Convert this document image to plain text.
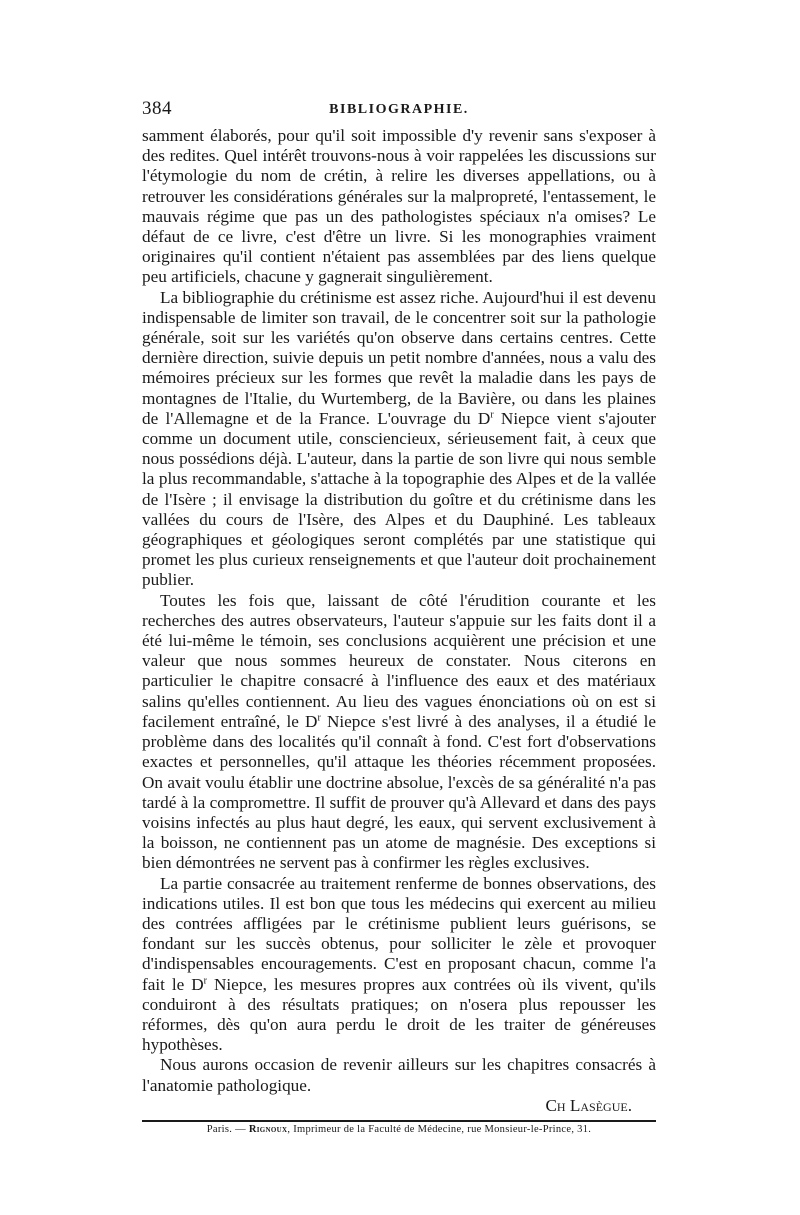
384	BIBLIOGRAPHIE.

samment élaborés, pour qu'il soit impossible d'y revenir sans s'exposer à des redites. Quel intérêt trouvons-nous à voir rappelées les discussions sur l'étymologie du nom de crétin, à relire les diverses appellations, ou à retrouver les considérations générales sur la malpropreté, l'entassement, le mauvais régime que pas un des pathologistes spéciaux n'a omises? Le défaut de ce livre, c'est d'être un livre. Si les monographies vraiment originaires qu'il contient n'étaient pas assemblées par des liens quelque peu artificiels, chacune y gagnerait singulièrement.

La bibliographie du crétinisme est assez riche. Aujourd'hui il est devenu indispensable de limiter son travail, de le concentrer soit sur la pathologie générale, soit sur les variétés qu'on observe dans certains centres. Cette dernière direction, suivie depuis un petit nombre d'années, nous a valu des mémoires précieux sur les formes que revêt la maladie dans les pays de montagnes de l'Italie, du Wurtemberg, de la Bavière, ou dans les plaines de l'Allemagne et de la France. L'ouvrage du $D^r$ Niepce vient s'ajouter comme un document utile, consciencieux, sérieusement fait, à ceux que nous possédions déjà. L'auteur, dans la partie de son livre qui nous semble la plus recommandable, s'attache à la topographie des Alpes et de la vallée de l'Isère ; il envisage la distribution du goître et du crétinisme dans les vallées du cours de l'Isère, des Alpes et du Dauphiné. Les tableaux géographiques et géologiques seront complétés par une statistique qui promet les plus curieux renseignements et que l'auteur doit prochainement publier.

Toutes les fois que, laissant de côté l'érudition courante et les recherches des autres observateurs, l'auteur s'appuie sur les faits dont il a été lui-même le témoin, ses conclusions acquièrent une précision et une valeur que nous sommes heureux de constater. Nous citerons en particulier le chapitre consacré à l'influence des eaux et des matériaux salins qu'elles contiennent. Au lieu des vagues énonciations où on est si facilement entraîné, le $D^r$ Niepce s'est livré à des analyses, il a étudié le problème dans des localités qu'il connaît à fond. C'est fort d'observations exactes et personnelles, qu'il attaque les théories récemment proposées. On avait voulu établir une doctrine absolue, l'excès de sa généralité n'a pas tardé à la compromettre. Il suffit de prouver qu'à Allevard et dans des pays voisins infectés au plus haut degré, les eaux, qui servent exclusivement à la boisson, ne contiennent pas un atome de magnésie. Des exceptions si bien démontrées ne servent pas à confirmer les règles exclusives.

La partie consacrée au traitement renferme de bonnes observations, des indications utiles. Il est bon que tous les médecins qui exercent au milieu des contrées affligées par le crétinisme publient leurs guérisons, se fondant sur les succès obtenus, pour solliciter le zèle et provoquer d'indispensables encouragements. C'est en proposant chacun, comme l'a fait le $D^r$ Niepce, les mesures propres aux contrées où ils vivent, qu'ils conduiront à des résultats pratiques; on n'osera plus repousser les réformes, dès qu'on aura perdu le droit de les traiter de généreuses hypothèses.

Nous aurons occasion de revenir ailleurs sur les chapitres consacrés à l'anatomie pathologique.
Ch Lasègue.

Paris. — Rignoux, Imprimeur de la Faculté de Médecine, rue Monsieur-le-Prince, 31.
